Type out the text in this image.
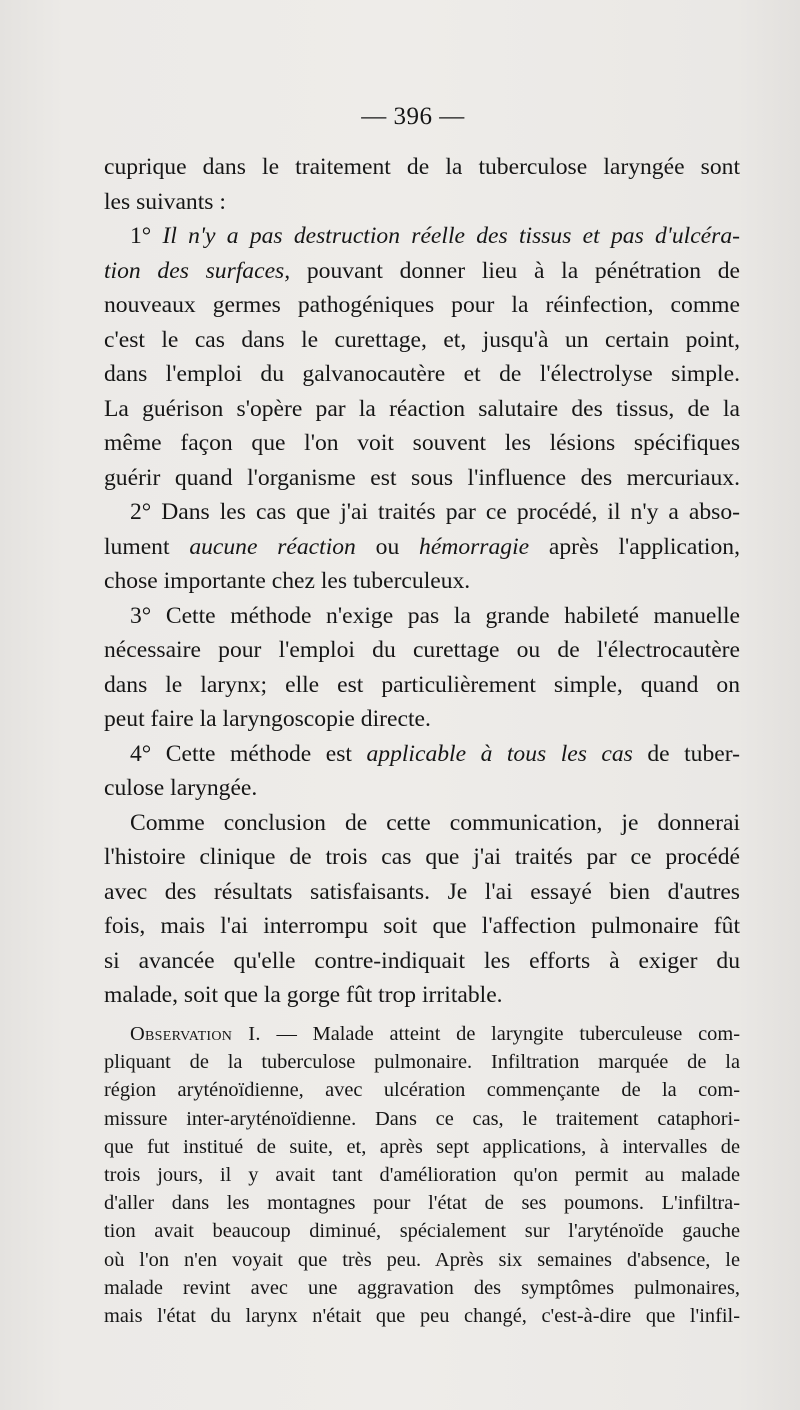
— 396 —
cuprique dans le traitement de la tuberculose laryngée sont
les suivants :
1° Il n'y a pas destruction réelle des tissus et pas d'ulcéra-
tion des surfaces, pouvant donner lieu à la pénétration de
nouveaux germes pathogéniques pour la réinfection, comme
c'est le cas dans le curettage, et, jusqu'à un certain point,
dans l'emploi du galvanocautère et de l'électrolyse simple.
La guérison s'opère par la réaction salutaire des tissus, de la
même façon que l'on voit souvent les lésions spécifiques
guérir quand l'organisme est sous l'influence des mercuriaux.
2° Dans les cas que j'ai traités par ce procédé, il n'y a abso-
lument aucune réaction ou hémorragie après l'application,
chose importante chez les tuberculeux.
3° Cette méthode n'exige pas la grande habileté manuelle
nécessaire pour l'emploi du curettage ou de l'électrocautère
dans le larynx; elle est particulièrement simple, quand on
peut faire la laryngoscopie directe.
4° Cette méthode est applicable à tous les cas de tuber-
culose laryngée.
Comme conclusion de cette communication, je donnerai
l'histoire clinique de trois cas que j'ai traités par ce procédé
avec des résultats satisfaisants. Je l'ai essayé bien d'autres
fois, mais l'ai interrompu soit que l'affection pulmonaire fût
si avancée qu'elle contre-indiquait les efforts à exiger du
malade, soit que la gorge fût trop irritable.
Observation I. — Malade atteint de laryngite tuberculeuse com-
pliquant de la tuberculose pulmonaire. Infiltration marquée de la
région aryténoïdienne, avec ulcération commençante de la com-
missure inter-aryténoïdienne. Dans ce cas, le traitement cataphori-
que fut institué de suite, et, après sept applications, à intervalles de
trois jours, il y avait tant d'amélioration qu'on permit au malade
d'aller dans les montagnes pour l'état de ses poumons. L'infiltra-
tion avait beaucoup diminué, spécialement sur l'aryténoïde gauche
où l'on n'en voyait que très peu. Après six semaines d'absence, le
malade revint avec une aggravation des symptômes pulmonaires,
mais l'état du larynx n'était que peu changé, c'est-à-dire que l'infil-
